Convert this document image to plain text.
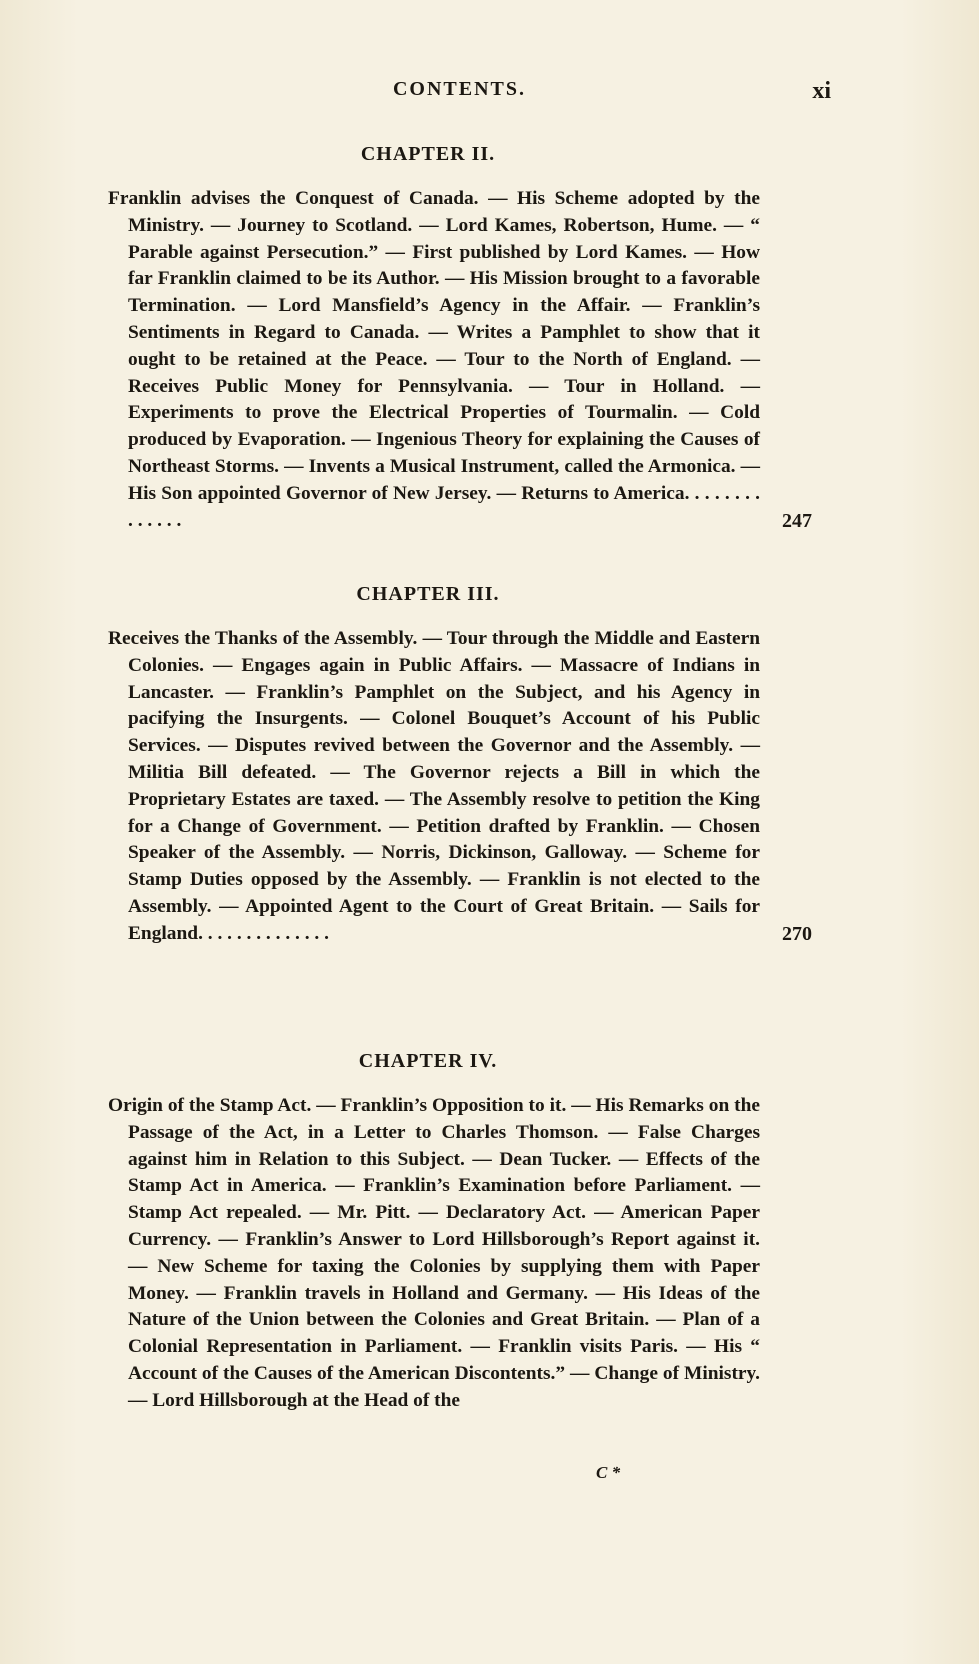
CONTENTS.	xi
CHAPTER II.

Franklin advises the Conquest of Canada. — His Scheme adopted by the Ministry. — Journey to Scotland. — Lord Kames, Robertson, Hume. — “ Parable against Persecution.” — First published by Lord Kames. — How far Franklin claimed to be its Author. — His Mission brought to a favorable Termination. — Lord Mansfield’s Agency in the Affair. — Franklin’s Sentiments in Regard to Canada. — Writes a Pamphlet to show that it ought to be retained at the Peace. — Tour to the North of England. — Receives Public Money for Pennsylvania. — Tour in Holland. — Experiments to prove the Electrical Properties of Tourmalin. — Cold produced by Evaporation. — Ingenious Theory for explaining the Causes of Northeast Storms. — Invents a Musical Instrument, called the Armonica. — His Son appointed Governor of New Jersey. — Returns to America. . . . . . . . . . . . . .	247

CHAPTER III.

Receives the Thanks of the Assembly. — Tour through the Middle and Eastern Colonies. — Engages again in Public Affairs. — Massacre of Indians in Lancaster. — Franklin’s Pamphlet on the Subject, and his Agency in pacifying the Insurgents. — Colonel Bouquet’s Account of his Public Services. — Disputes revived between the Governor and the Assembly. — Militia Bill defeated. — The Governor rejects a Bill in which the Proprietary Estates are taxed. — The Assembly resolve to petition the King for a Change of Government. — Petition drafted by Franklin. — Chosen Speaker of the Assembly. — Norris, Dickinson, Galloway. — Scheme for Stamp Duties opposed by the Assembly. — Franklin is not elected to the Assembly. — Appointed Agent to the Court of Great Britain. — Sails for England. . . . . . . . . . . . . .	270

CHAPTER IV.

Origin of the Stamp Act. — Franklin’s Opposition to it. — His Remarks on the Passage of the Act, in a Letter to Charles Thomson. — False Charges against him in Relation to this Subject. — Dean Tucker. — Effects of the Stamp Act in America. — Franklin’s Examination before Parliament. — Stamp Act repealed. — Mr. Pitt. — Declaratory Act. — American Paper Currency. — Franklin’s Answer to Lord Hillsborough’s Report against it. — New Scheme for taxing the Colonies by supplying them with Paper Money. — Franklin travels in Holland and Germany. — His Ideas of the Nature of the Union between the Colonies and Great Britain. — Plan of a Colonial Representation in Parliament. — Franklin visits Paris. — His “ Account of the Causes of the American Discontents.” — Change of Ministry. — Lord Hillsborough at the Head of the

C *
